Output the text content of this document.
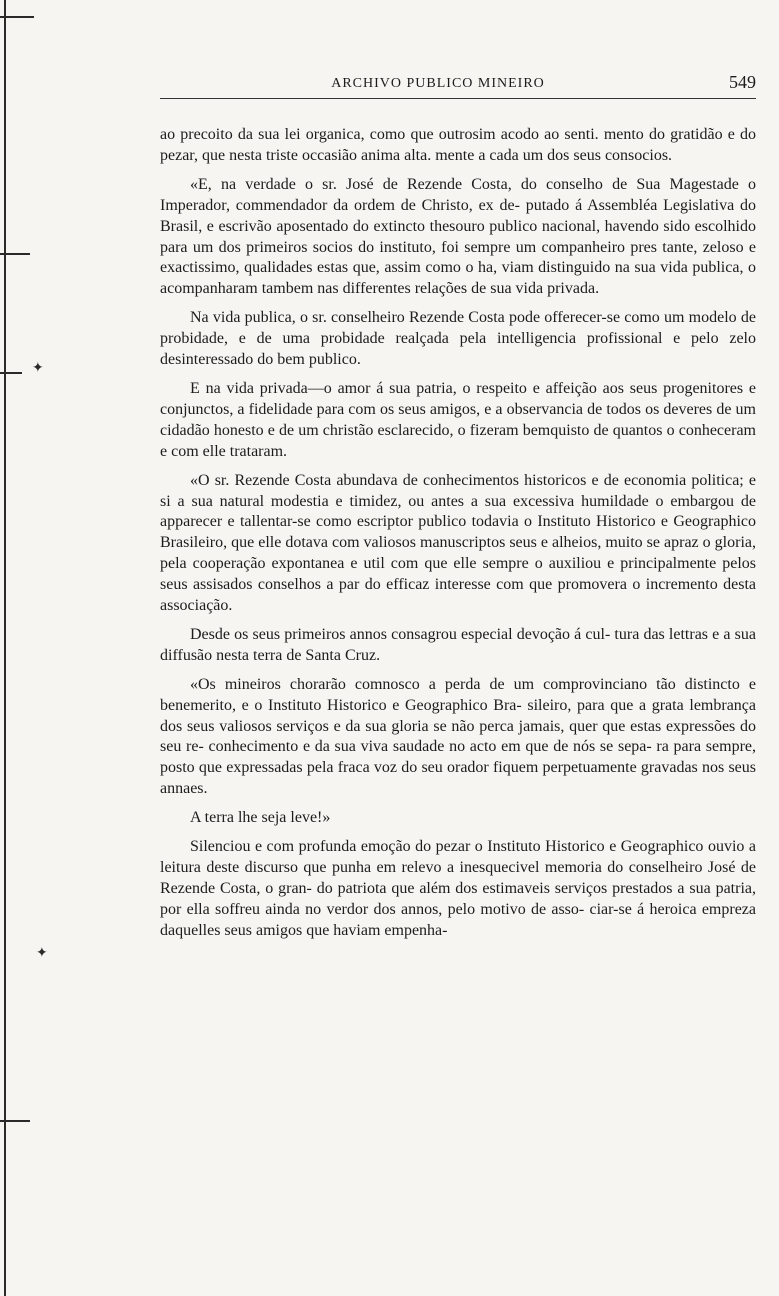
✦
✦
ARCHIVO PUBLICO MINEIRO	549

ao precoito da sua lei organica, como que outrosim acodo ao senti. mento do gratidão e do pezar, que nesta triste occasião anima alta. mente a cada um dos seus consocios.

«E, na verdade o sr. José de Rezende Costa, do conselho de Sua Magestade o Imperador, commendador da ordem de Christo, ex de- putado á Assembléa Legislativa do Brasil, e escrivão aposentado do extincto thesouro publico nacional, havendo sido escolhido para um dos primeiros socios do instituto, foi sempre um companheiro pres tante, zeloso e exactissimo, qualidades estas que, assim como o ha, viam distinguido na sua vida publica, o acompanharam tambem nas differentes relações de sua vida privada.

Na vida publica, o sr. conselheiro Rezende Costa pode offerecer-se como um modelo de probidade, e de uma probidade realçada pela intelligencia profissional e pelo zelo desinteressado do bem publico.

E na vida privada—o amor á sua patria, o respeito e affeição aos seus progenitores e conjunctos, a fidelidade para com os seus amigos, e a observancia de todos os deveres de um cidadão honesto e de um christão esclarecido, o fizeram bemquisto de quantos o conheceram e com elle trataram.

«O sr. Rezende Costa abundava de conhecimentos historicos e de economia politica; e si a sua natural modestia e timidez, ou antes a sua excessiva humildade o embargou de apparecer e tallentar-se como escriptor publico todavia o Instituto Historico e Geographico Brasileiro, que elle dotava com valiosos manuscriptos seus e alheios, muito se apraz o gloria, pela cooperação expontanea e util com que elle sempre o auxiliou e principalmente pelos seus assisados conselhos a par do efficaz interesse com que promovera o incremento desta associação.

Desde os seus primeiros annos consagrou especial devoção á cul- tura das lettras e a sua diffusão nesta terra de Santa Cruz.

«Os mineiros chorarão comnosco a perda de um comprovinciano tão distincto e benemerito, e o Instituto Historico e Geographico Bra- sileiro, para que a grata lembrança dos seus valiosos serviços e da sua gloria se não perca jamais, quer que estas expressões do seu re- conhecimento e da sua viva saudade no acto em que de nós se sepa- ra para sempre, posto que expressadas pela fraca voz do seu orador fiquem perpetuamente gravadas nos seus annaes.

A terra lhe seja leve!»

Silenciou e com profunda emoção do pezar o Instituto Historico e Geographico ouvio a leitura deste discurso que punha em relevo a inesquecivel memoria do conselheiro José de Rezende Costa, o gran- do patriota que além dos estimaveis serviços prestados a sua patria, por ella soffreu ainda no verdor dos annos, pelo motivo de asso- ciar-se á heroica empreza daquelles seus amigos que haviam empenha-
